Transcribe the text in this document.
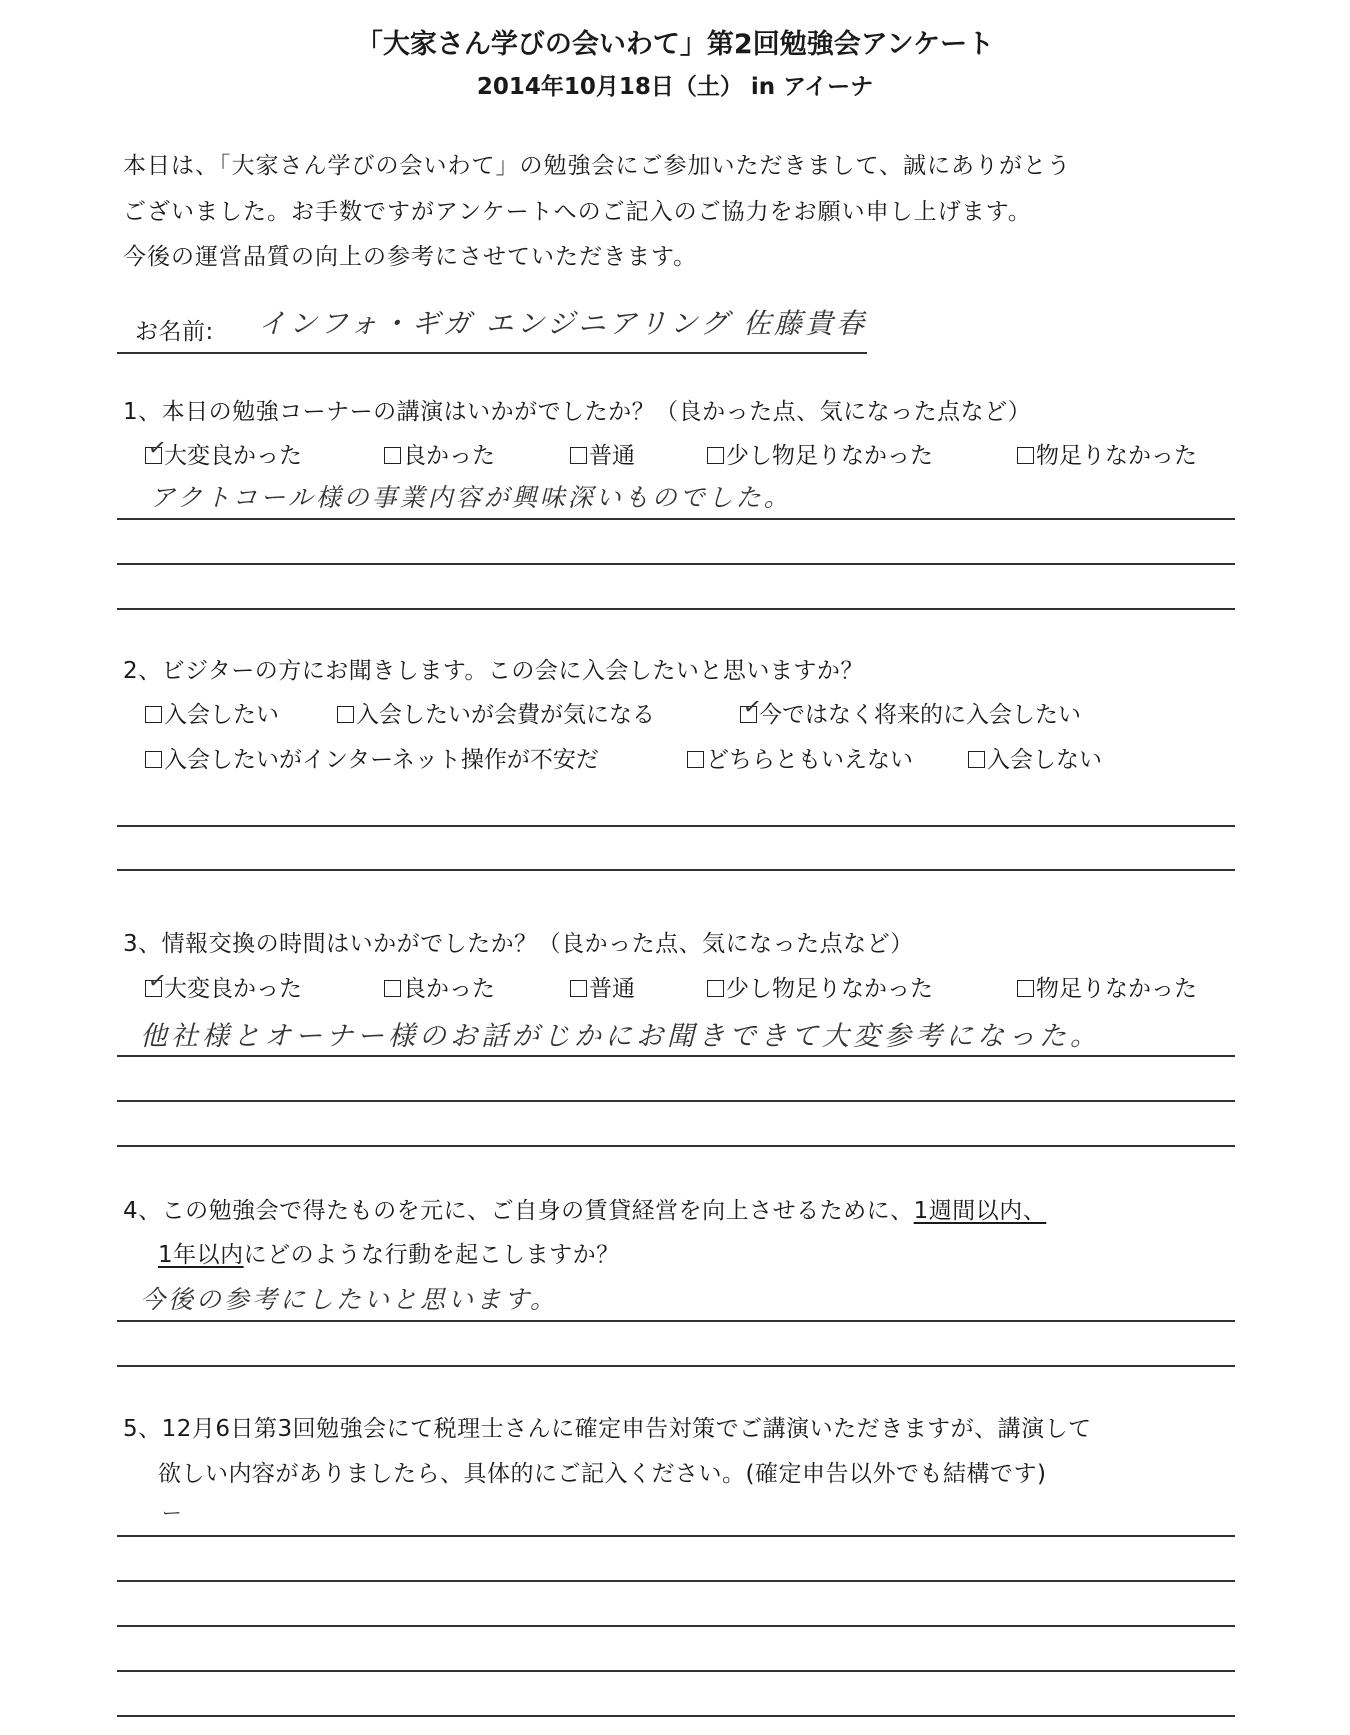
「大家さん学びの会いわて」第2回勉強会アンケート
2014年10月18日（土） in アイーナ
本日は、「大家さん学びの会いわて」の勉強会にご参加いただきまして、誠にありがとう
ございました。お手数ですがアンケートへのご記入のご協力をお願い申し上げます。
今後の運営品質の向上の参考にさせていただきます。
お名前: インフォ・ギガ エンジニアリング 佐藤貴春
1、本日の勉強コーナーの講演はいかがでしたか？（良かった点、気になった点など）
✓
大変良かった	良かった	普通	少し物足りなかった	物足りなかった
アクトコール様の事業内容が興味深いものでした。
2、ビジターの方にお聞きします。この会に入会したいと思いますか？
入会したい	入会したいが会費が気になる	✓
今ではなく将来的に入会したい
入会したいがインターネット操作が不安だ	どちらともいえない	入会しない
3、情報交換の時間はいかがでしたか？（良かった点、気になった点など）
✓
大変良かった	良かった	普通	少し物足りなかった	物足りなかった
他社様とオーナー様のお話がじかにお聞きできて大変参考になった。
4、この勉強会で得たものを元に、ご自身の賃貸経営を向上させるために、1週間以内、
1年以内にどのような行動を起こしますか？
今後の参考にしたいと思います。
5、12月6日第3回勉強会にて税理士さんに確定申告対策でご講演いただきますが、講演して
欲しい内容がありましたら、具体的にご記入ください。(確定申告以外でも結構です)
ー
